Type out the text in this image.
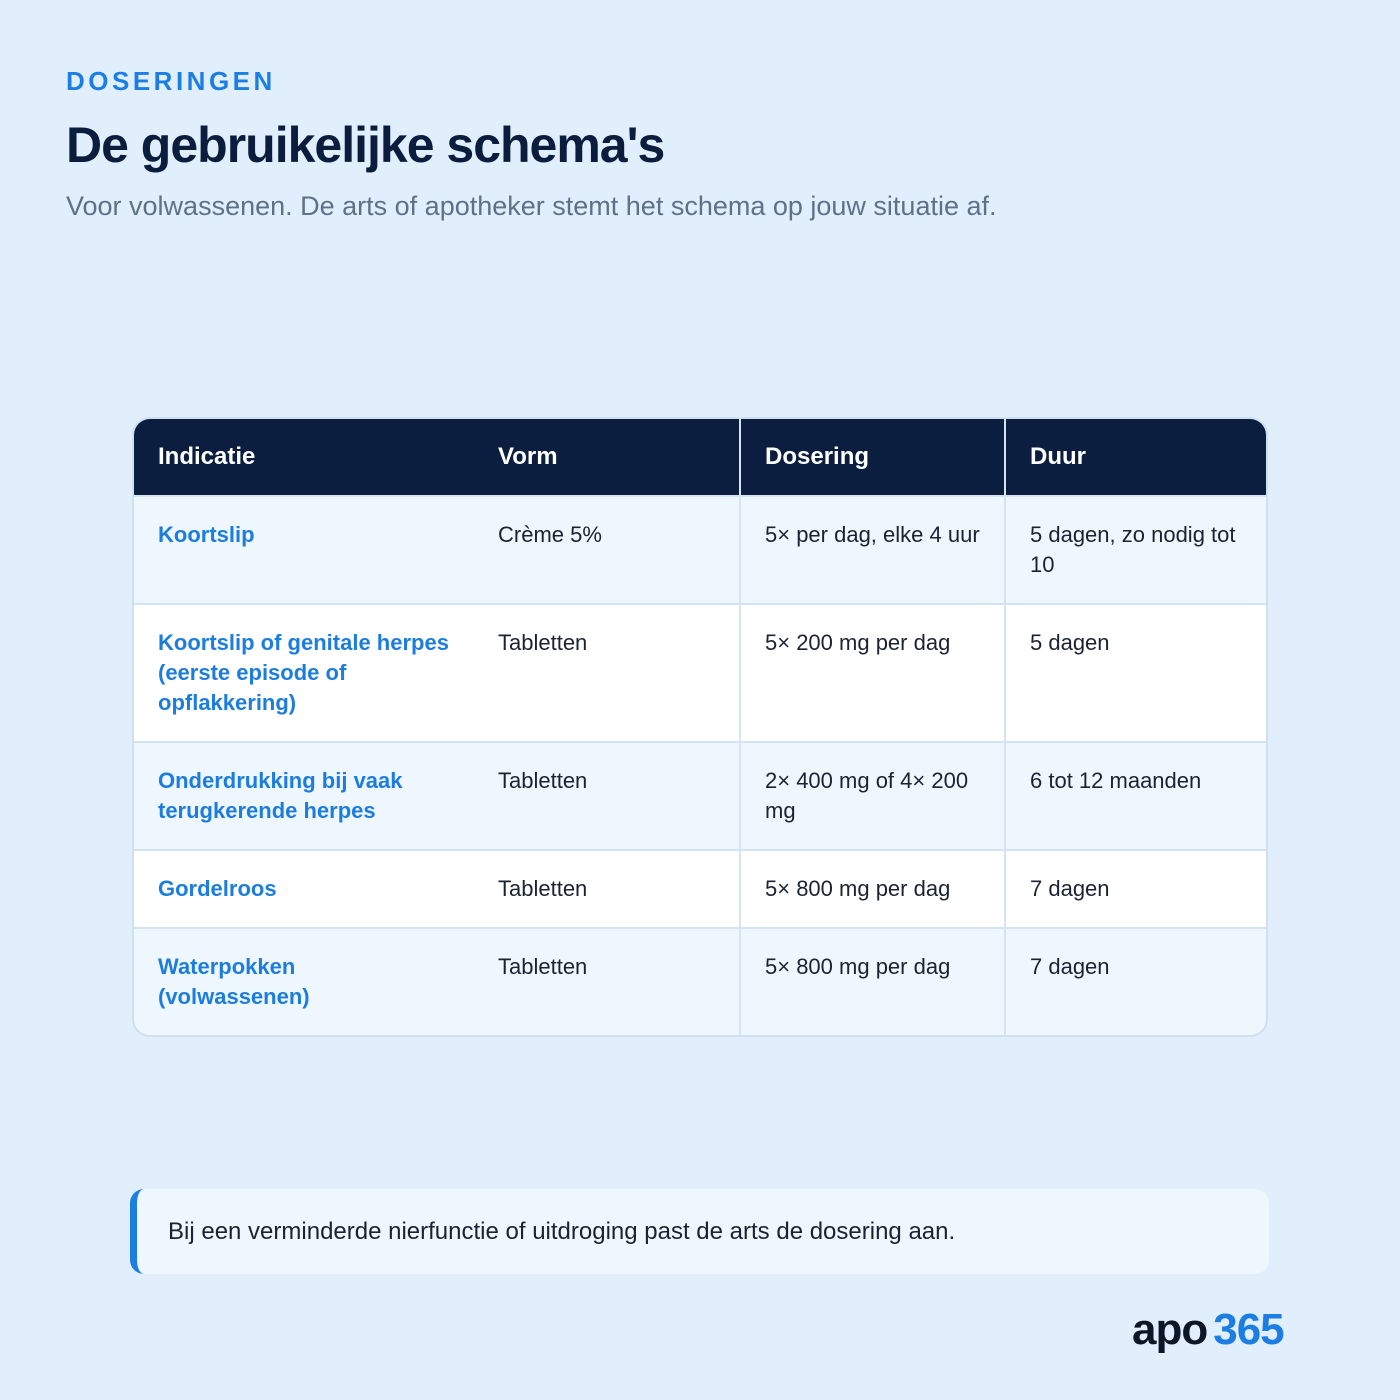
DOSERINGEN
De gebruikelijke schema's

Voor volwassenen. De arts of apotheker stemt het schema op jouw situatie af.

Indicatie	Vorm	Dosering	Duur
Koortslip	Crème 5%	5× per dag, elke 4 uur	5 dagen, zo nodig tot 10
Koortslip of genitale herpes (eerste episode of opflakkering)	Tabletten	5× 200 mg per dag	5 dagen
Onderdrukking bij vaak terugkerende herpes	Tabletten	2× 400 mg of 4× 200 mg	6 tot 12 maanden
Gordelroos	Tabletten	5× 800 mg per dag	7 dagen
Waterpokken (volwassenen)	Tabletten	5× 800 mg per dag	7 dagen
Bij een verminderde nierfunctie of uitdroging past de arts de dosering aan.
apo 365
